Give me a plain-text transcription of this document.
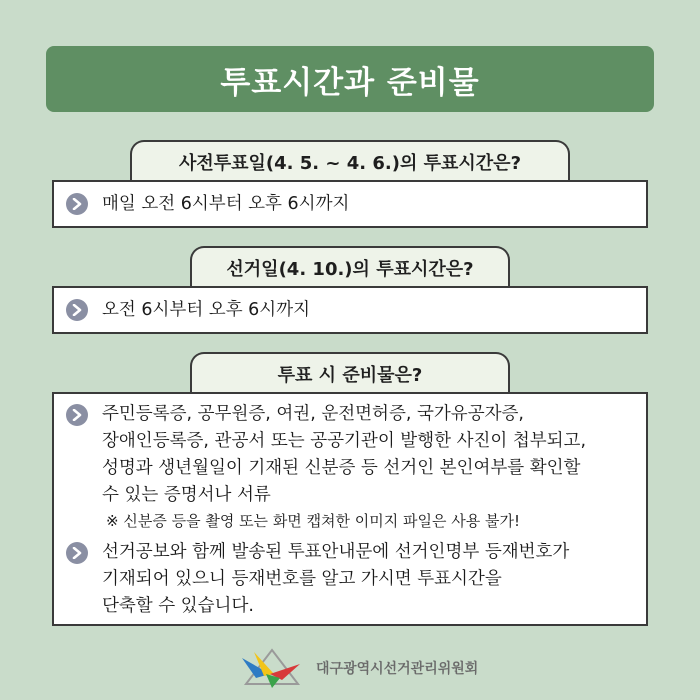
투표시간과 준비물
사전투표일(4. 5. ~ 4. 6.)의 투표시간은?
매일 오전 6시부터 오후 6시까지
선거일(4. 10.)의 투표시간은?
오전 6시부터 오후 6시까지
투표 시 준비물은?
주민등록증, 공무원증, 여권, 운전면허증, 국가유공자증,
장애인등록증, 관공서 또는 공공기관이 발행한 사진이 첩부되고,
성명과 생년월일이 기재된 신분증 등 선거인 본인여부를 확인할
수 있는 증명서나 서류
※ 신분증 등을 촬영 또는 화면 캡쳐한 이미지 파일은 사용 불가!
선거공보와 함께 발송된 투표안내문에 선거인명부 등재번호가
기재되어 있으니 등재번호를 알고 가시면 투표시간을
단축할 수 있습니다.
대구광역시선거관리위원회
